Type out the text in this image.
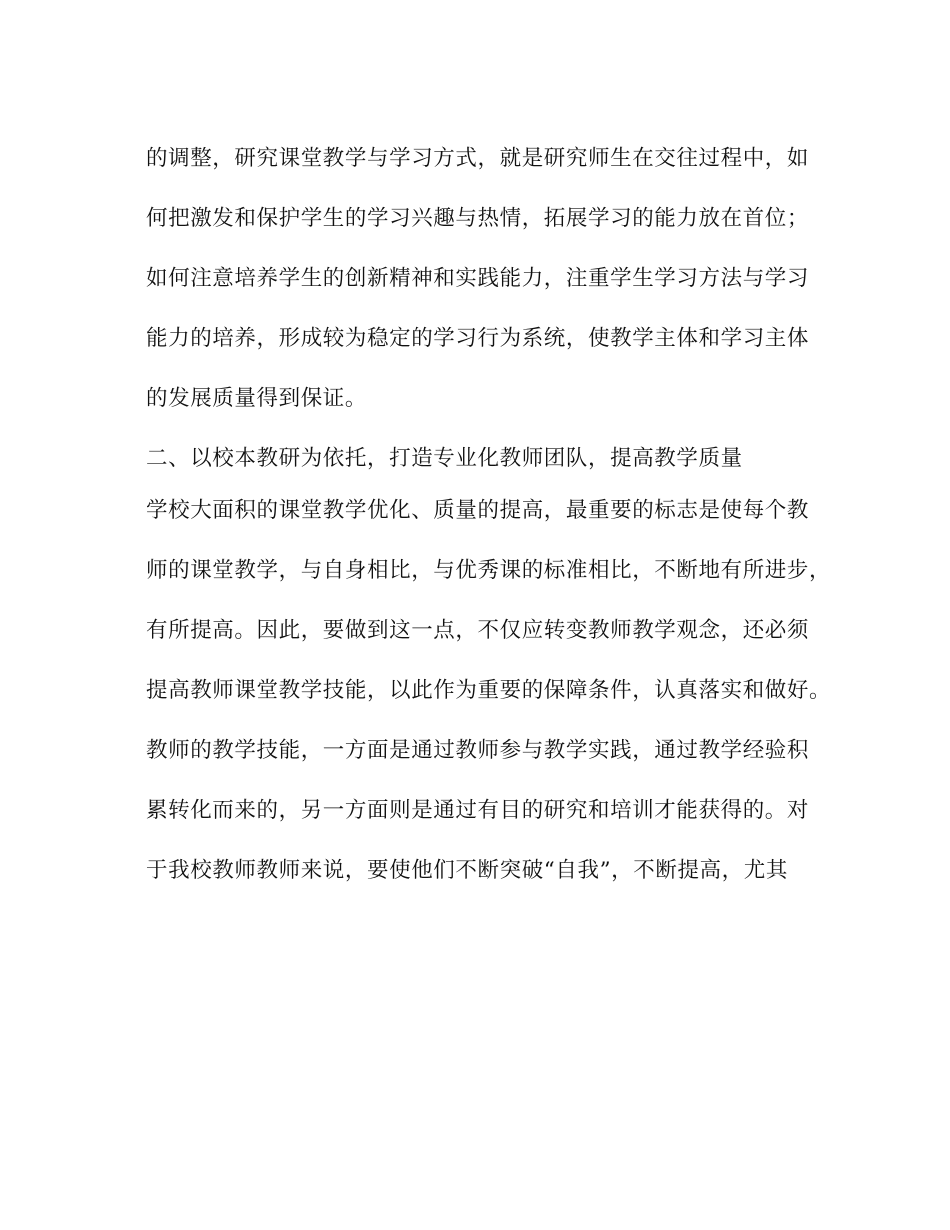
的调整，研究课堂教学与学习方式，就是研究师生在交往过程中，如
何把激发和保护学生的学习兴趣与热情，拓展学习的能力放在首位；
如何注意培养学生的创新精神和实践能力，注重学生学习方法与学习
能力的培养，形成较为稳定的学习行为系统，使教学主体和学习主体
的发展质量得到保证。
二、以校本教研为依托，打造专业化教师团队，提高教学质量
学校大面积的课堂教学优化、质量的提高，最重要的标志是使每个教
师的课堂教学，与自身相比，与优秀课的标准相比，不断地有所进步，
有所提高。因此，要做到这一点，不仅应转变教师教学观念，还必须
提高教师课堂教学技能，以此作为重要的保障条件，认真落实和做好。
教师的教学技能，一方面是通过教师参与教学实践，通过教学经验积
累转化而来的，另一方面则是通过有目的研究和培训才能获得的。对
于我校教师教师来说，要使他们不断突破“自我”，不断提高，尤其
